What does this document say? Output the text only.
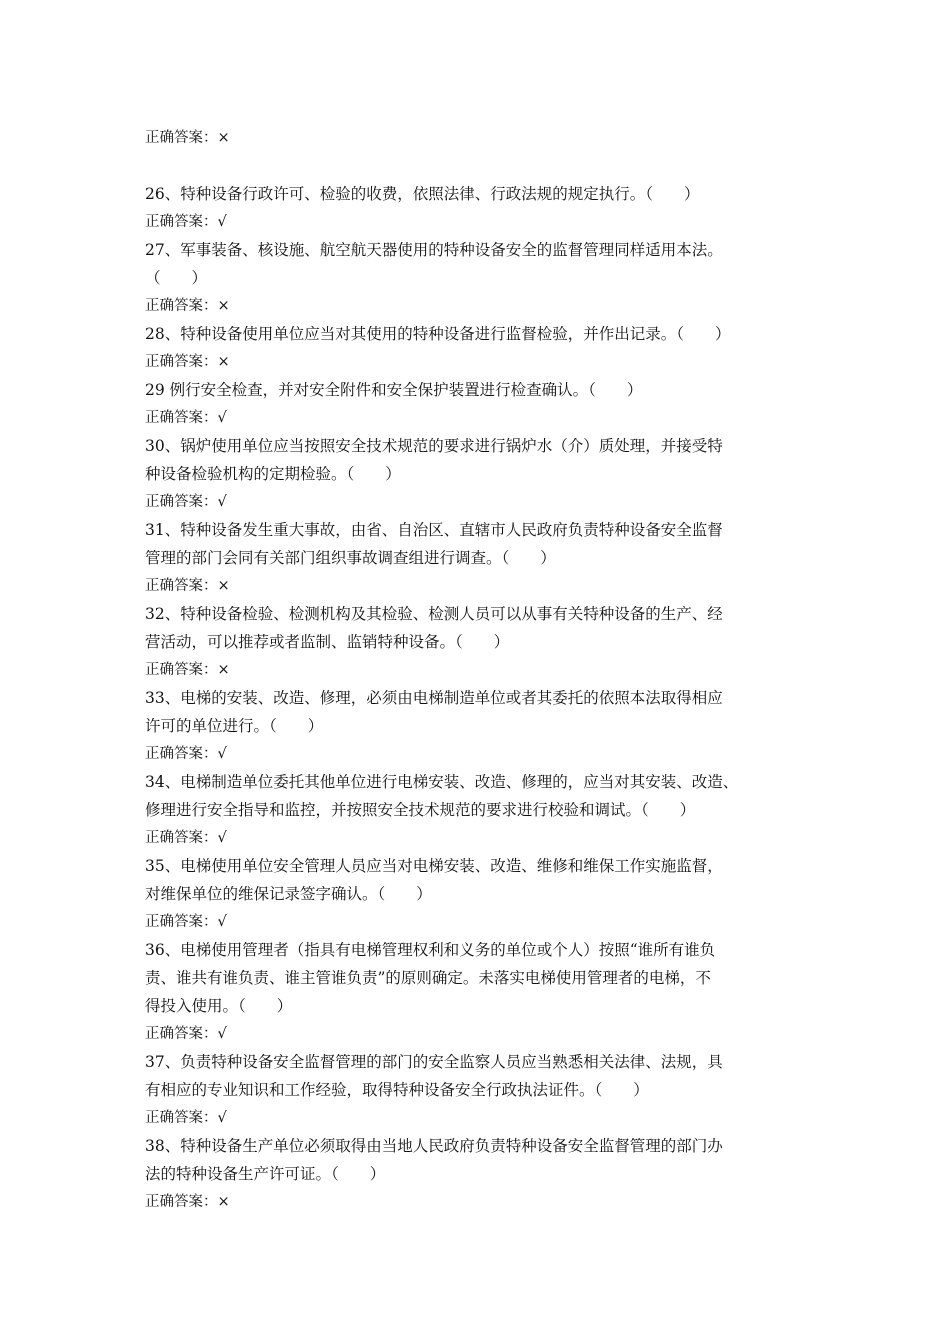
正确答案：×
26、特种设备行政许可、检验的收费，依照法律、行政法规的规定执行。（　　）
正确答案：√
27、军事装备、核设施、航空航天器使用的特种设备安全的监督管理同样适用本法。
（　　）
正确答案：×
28、特种设备使用单位应当对其使用的特种设备进行监督检验，并作出记录。（　　）
正确答案：×
29 例行安全检查，并对安全附件和安全保护装置进行检查确认。（　　）
正确答案：√
30、锅炉使用单位应当按照安全技术规范的要求进行锅炉水（介）质处理，并接受特
种设备检验机构的定期检验。（　　）
正确答案：√
31、特种设备发生重大事故，由省、自治区、直辖市人民政府负责特种设备安全监督
管理的部门会同有关部门组织事故调查组进行调查。（　　）
正确答案：×
32、特种设备检验、检测机构及其检验、检测人员可以从事有关特种设备的生产、经
营活动，可以推荐或者监制、监销特种设备。（　　）
正确答案：×
33、电梯的安装、改造、修理，必须由电梯制造单位或者其委托的依照本法取得相应
许可的单位进行。（　　）
正确答案：√
34、电梯制造单位委托其他单位进行电梯安装、改造、修理的，应当对其安装、改造、
修理进行安全指导和监控，并按照安全技术规范的要求进行校验和调试。（　　）
正确答案：√
35、电梯使用单位安全管理人员应当对电梯安装、改造、维修和维保工作实施监督，
对维保单位的维保记录签字确认。（　　）
正确答案：√
36、电梯使用管理者（指具有电梯管理权利和义务的单位或个人）按照“谁所有谁负
责、谁共有谁负责、谁主管谁负责”的原则确定。未落实电梯使用管理者的电梯，不
得投入使用。（　　）
正确答案：√
37、负责特种设备安全监督管理的部门的安全监察人员应当熟悉相关法律、法规，具
有相应的专业知识和工作经验，取得特种设备安全行政执法证件。（　　）
正确答案：√
38、特种设备生产单位必须取得由当地人民政府负责特种设备安全监督管理的部门办
法的特种设备生产许可证。（　　）
正确答案：×
